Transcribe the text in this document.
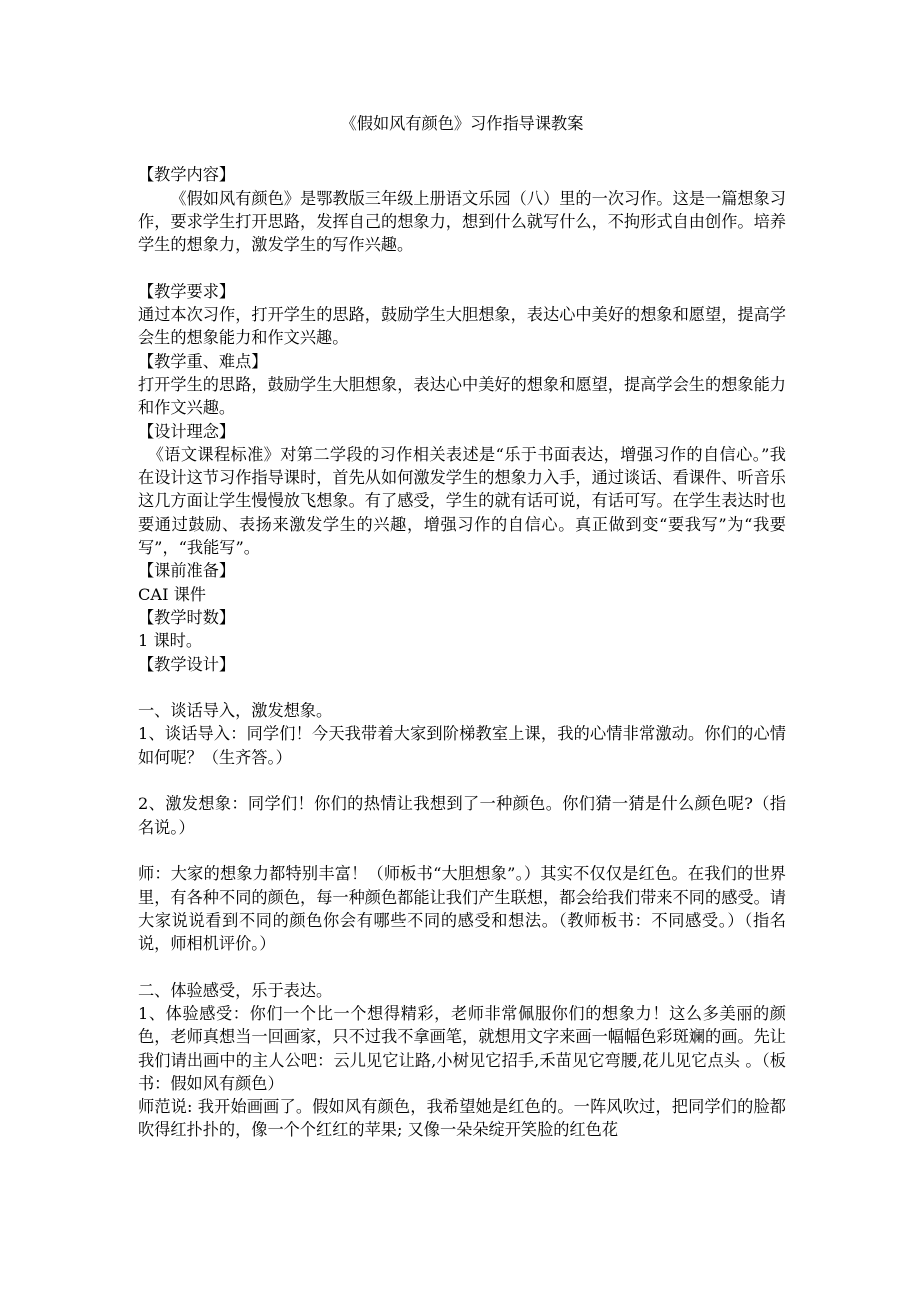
《假如风有颜色》习作指导课教案

【教学内容】

《假如风有颜色》是鄂教版三年级上册语文乐园（八）里的一次习作。这是一篇想象习作，要求学生打开思路，发挥自己的想象力，想到什么就写什么，不拘形式自由创作。培养学生的想象力，激发学生的写作兴趣。

【教学要求】

通过本次习作，打开学生的思路，鼓励学生大胆想象，表达心中美好的想象和愿望，提高学会生的想象能力和作文兴趣。

【教学重、难点】

打开学生的思路，鼓励学生大胆想象，表达心中美好的想象和愿望，提高学会生的想象能力和作文兴趣。

【设计理念】

《语文课程标准》对第二学段的习作相关表述是“乐于书面表达，增强习作的自信心。”我在设计这节习作指导课时，首先从如何激发学生的想象力入手，通过谈话、看课件、听音乐这几方面让学生慢慢放飞想象。有了感受，学生的就有话可说，有话可写。在学生表达时也要通过鼓励、表扬来激发学生的兴趣，增强习作的自信心。真正做到变“要我写”为“我要写”，“我能写”。

【课前准备】

CAI 课件

【教学时数】

1 课时。

【教学设计】

一、谈话导入，激发想象。

1、谈话导入：同学们！今天我带着大家到阶梯教室上课，我的心情非常激动。你们的心情如何呢？（生齐答。）

2、激发想象：同学们！你们的热情让我想到了一种颜色。你们猜一猜是什么颜色呢?（指名说。）

师：大家的想象力都特别丰富！（师板书“大胆想象”。）其实不仅仅是红色。在我们的世界里，有各种不同的颜色，每一种颜色都能让我们产生联想，都会给我们带来不同的感受。请大家说说看到不同的颜色你会有哪些不同的感受和想法。（教师板书：不同感受。）（指名说，师相机评价。）

二、体验感受，乐于表达。

1、体验感受：你们一个比一个想得精彩，老师非常佩服你们的想象力！这么多美丽的颜色，老师真想当一回画家，只不过我不拿画笔，就想用文字来画一幅幅色彩斑斓的画。先让我们请出画中的主人公吧：云儿见它让路,小树见它招手,禾苗见它弯腰,花儿见它点头 。（板书：假如风有颜色）

师范说: 我开始画画了。假如风有颜色，我希望她是红色的。一阵风吹过，把同学们的脸都吹得红扑扑的，像一个个红红的苹果; 又像一朵朵绽开笑脸的红色花
